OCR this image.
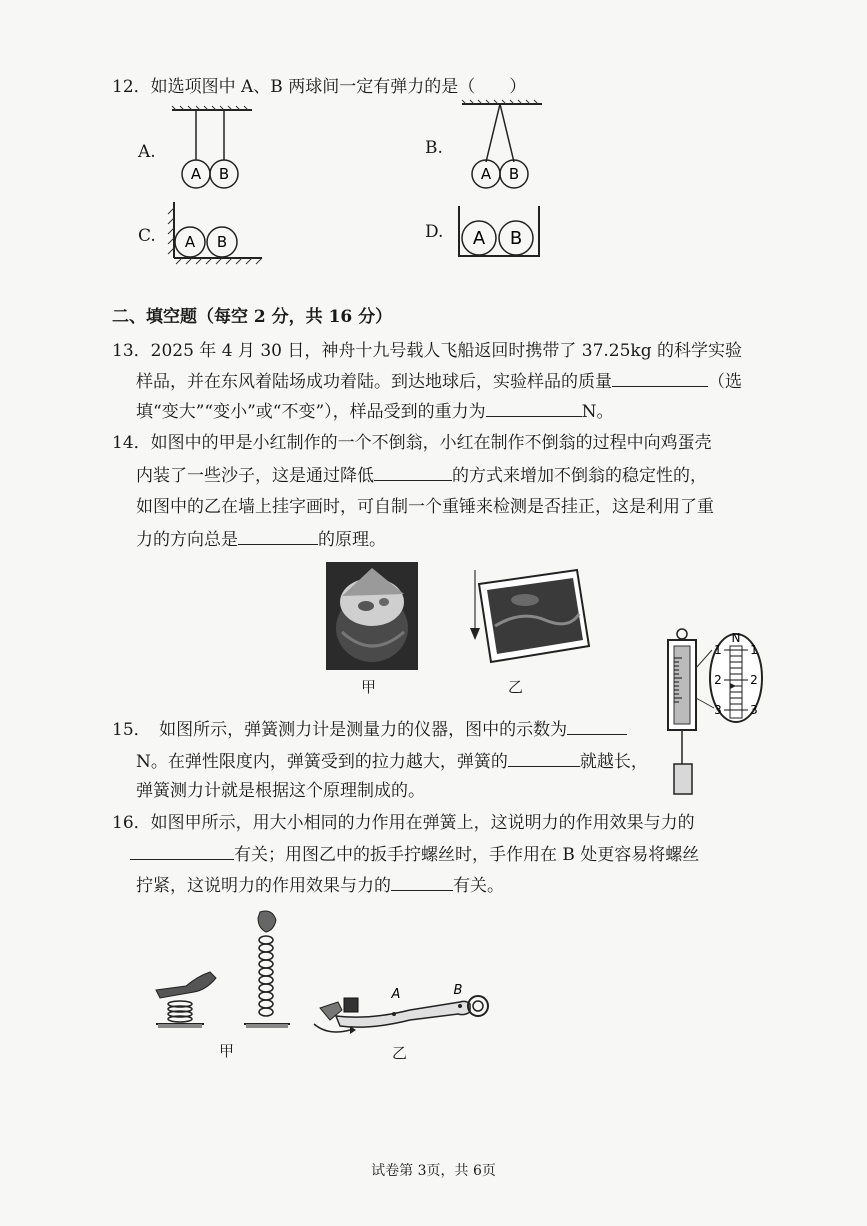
12．如选项图中 A、B 两球间一定有弹力的是（　　）
A.
A B
B.
A B
C. A B	D. A B
二、填空题（每空 2 分，共 16 分）
13．2025 年 4 月 30 日，神舟十九号载人飞船返回时携带了 37.25kg 的科学实验
样品，并在东风着陆场成功着陆。到达地球后，实验样品的质量	（选
填“变大”“变小”或“不变”），样品受到的重力为	N。
14．如图中的甲是小红制作的一个不倒翁，小红在制作不倒翁的过程中向鸡蛋壳
内装了一些沙子，这是通过降低	的方式来增加不倒翁的稳定性的，
如图中的乙在墙上挂字画时，可自制一个重锤来检测是否挂正，这是利用了重
力的方向总是	的原理。
甲	乙
N
1 1
2 2
3 3
15．　如图所示，弹簧测力计是测量力的仪器，图中的示数为
N。在弹性限度内，弹簧受到的拉力越大，弹簧的	就越长，
弹簧测力计就是根据这个原理制成的。
16．如图甲所示，用大小相同的力作用在弹簧上，这说明力的作用效果与力的
有关；用图乙中的扳手拧螺丝时，手作用在 B 处更容易将螺丝
拧紧，这说明力的作用效果与力的	有关。
甲
A	B
乙
试卷第 3页，共 6页
